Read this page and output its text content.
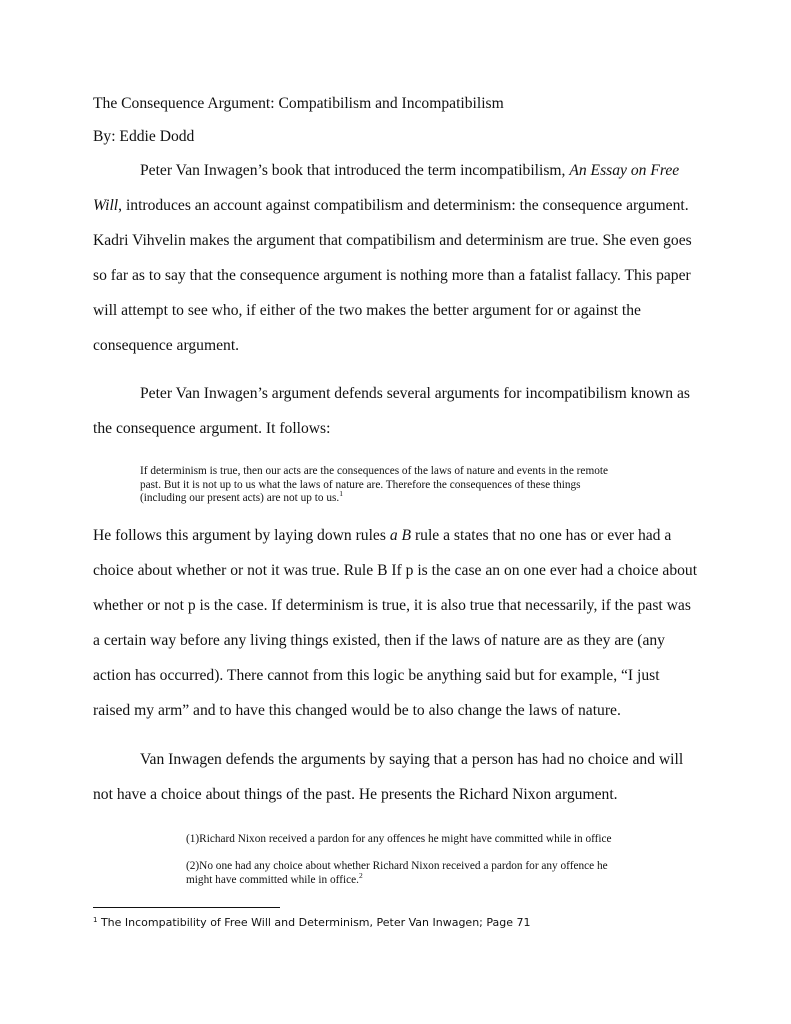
The Consequence Argument: Compatibilism and Incompatibilism
By: Eddie Dodd
Peter Van Inwagen’s book that introduced the term incompatibilism, An Essay on Free
Will, introduces an account against compatibilism and determinism: the consequence argument.
Kadri Vihvelin makes the argument that compatibilism and determinism are true. She even goes
so far as to say that the consequence argument is nothing more than a fatalist fallacy. This paper
will attempt to see who, if either of the two makes the better argument for or against the
consequence argument.
Peter Van Inwagen’s argument defends several arguments for incompatibilism known as
the consequence argument. It follows:
If determinism is true, then our acts are the consequences of the laws of nature and events in the remote
past. But it is not up to us what the laws of nature are. Therefore the consequences of these things
(including our present acts) are not up to us.$^1$
He follows this argument by laying down rules a B rule a states that no one has or ever had a
choice about whether or not it was true. Rule B If p is the case an on one ever had a choice about
whether or not p is the case. If determinism is true, it is also true that necessarily, if the past was
a certain way before any living things existed, then if the laws of nature are as they are (any
action has occurred). There cannot from this logic be anything said but for example, “I just
raised my arm” and to have this changed would be to also change the laws of nature.
Van Inwagen defends the arguments by saying that a person has had no choice and will
not have a choice about things of the past. He presents the Richard Nixon argument.
(1)Richard Nixon received a pardon for any offences he might have committed while in office
(2)No one had any choice about whether Richard Nixon received a pardon for any offence he
might have committed while in office.$^2$
$^1$ The Incompatibility of Free Will and Determinism, Peter Van Inwagen; Page 71
